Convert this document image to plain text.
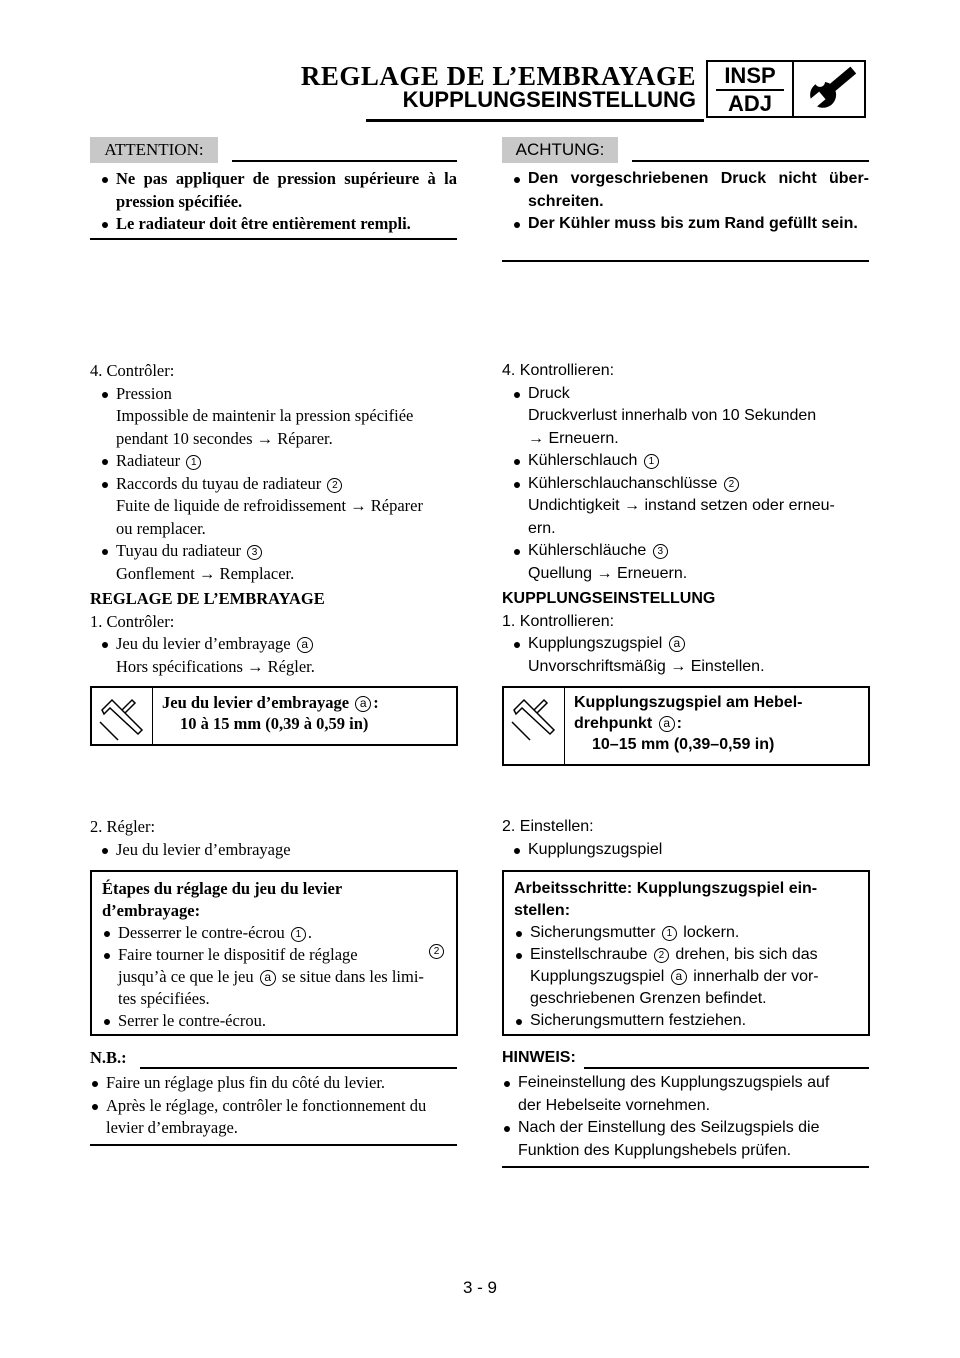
REGLAGE DE L’EMBRAYAGE
KUPPLUNGSEINSTELLUNG
INSP
ADJ
ATTENTION:
Ne pas appliquer de pression supérieure à la pression spécifiée.
Le radiateur doit être entièrement rempli.
ACHTUNG:
Den vorgeschriebenen Druck nicht über-schreiten.
Der Kühler muss bis zum Rand gefüllt sein.
4. Contrôler:
Pression
Impossible de maintenir la pression spécifiée
pendant 10 secondes → Réparer.
Radiateur 1
Raccords du tuyau de radiateur 2
Fuite de liquide de refroidissement → Réparer
ou remplacer.
Tuyau du radiateur 3
Gonflement → Remplacer.
4. Kontrollieren:
Druck
Druckverlust innerhalb von 10 Sekunden
→ Erneuern.
Kühlerschlauch 1
Kühlerschlauchanschlüsse 2
Undichtigkeit → instand setzen oder erneu-
ern.
Kühlerschläuche 3
Quellung → Erneuern.
REGLAGE DE L’EMBRAYAGE
1. Contrôler:
Jeu du levier d’embrayage a
Hors spécifications → Régler.
KUPPLUNGSEINSTELLUNG
1. Kontrollieren:
Kupplungszugspiel a
Unvorschriftsmäßig → Einstellen.
Jeu du levier d’embrayage a :
10 à 15 mm (0,39 à 0,59 in)
Kupplungszugspiel am Hebel-
drehpunkt a :
10–15 mm (0,39–0,59 in)
2. Régler:
Jeu du levier d’embrayage
2. Einstellen:
Kupplungszugspiel
Étapes du réglage du jeu du levier
d’embrayage:
Desserrer le contre-écrou 1 .
Faire tourner le dispositif de réglage	2
jusqu’à ce que le jeu a se situe dans les limi-
tes spécifiées.
Serrer le contre-écrou.
Arbeitsschritte: Kupplungszugspiel ein-
stellen:
Sicherungsmutter 1 lockern.
Einstellschraube 2 drehen, bis sich das
Kupplungszugspiel a innerhalb der vor-
geschriebenen Grenzen befindet.
Sicherungsmuttern festziehen.
N.B.:
Faire un réglage plus fin du côté du levier.
Après le réglage, contrôler le fonctionnement du
levier d’embrayage.
HINWEIS:
Feineinstellung des Kupplungszugspiels auf
der Hebelseite vornehmen.
Nach der Einstellung des Seilzugspiels die
Funktion des Kupplungshebels prüfen.
3 - 9
